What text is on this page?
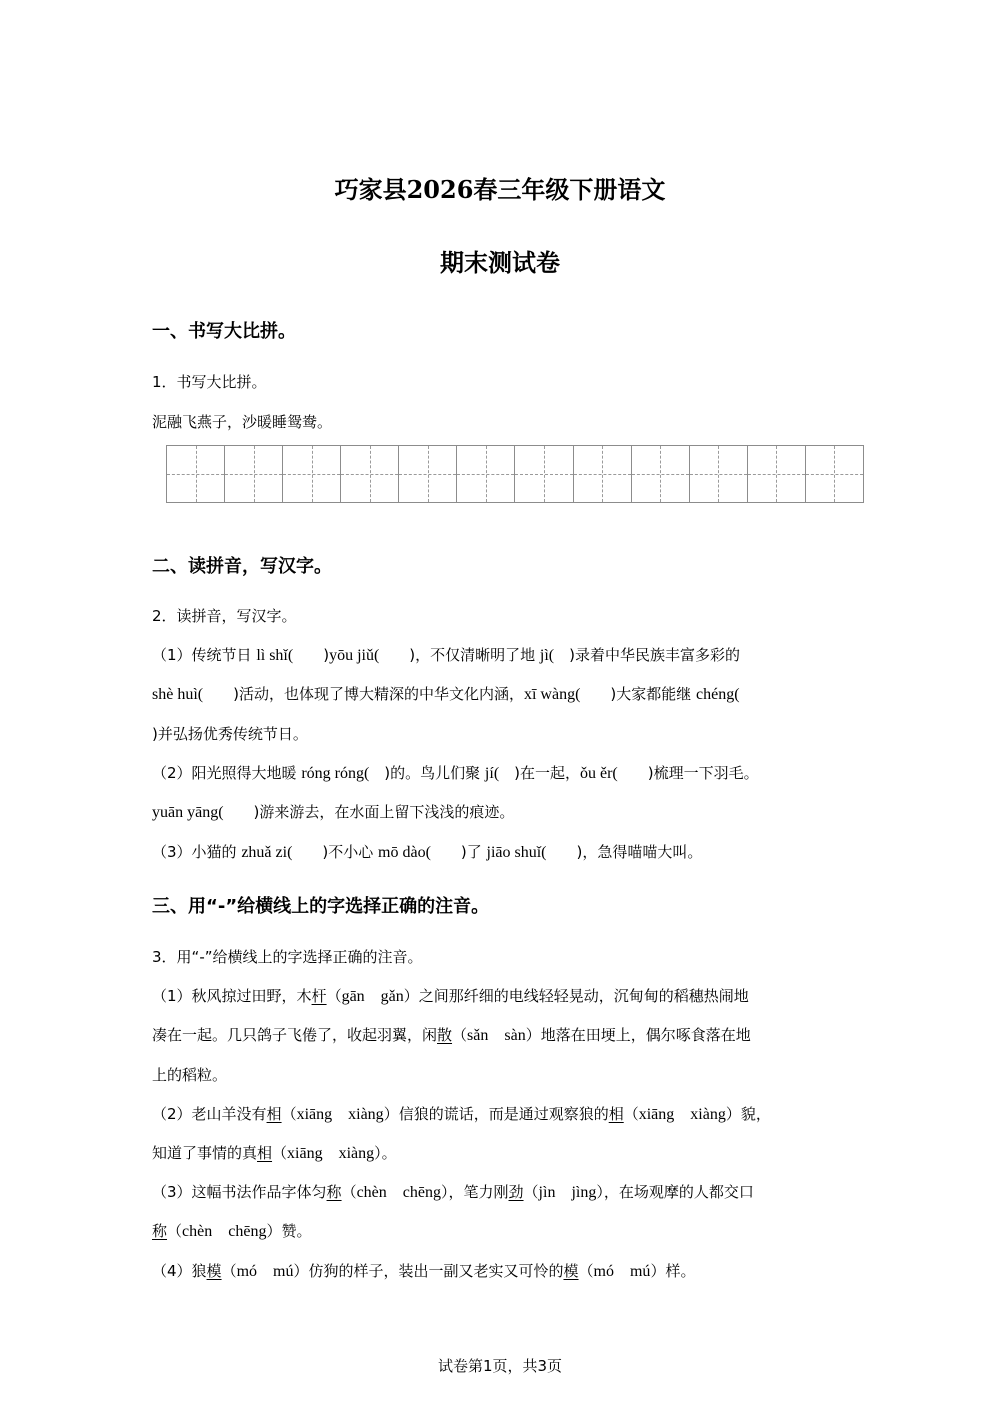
巧家县2026春三年级下册语文
期末测试卷
一、书写大比拼。
1．书写大比拼。
泥融飞燕子，沙暖睡鸳鸯。
二、读拼音，写汉字。
2．读拼音，写汉字。
（1）传统节日 lì shǐ(　　)yōu jiǔ(　　)，不仅清晰明了地 jì(　)录着中华民族丰富多彩的
shè huì(　　)活动，也体现了博大精深的中华文化内涵，xī wàng(　　)大家都能继 chéng(
)并弘扬优秀传统节日。
（2）阳光照得大地暖 róng róng(　)的。鸟儿们聚 jí(　)在一起，ǒu ěr(　　)梳理一下羽毛。
yuān yāng(　　)游来游去，在水面上留下浅浅的痕迹。
（3）小猫的 zhuǎ zi(　　)不小心 mō dào(　　)了 jiāo shuǐ(　　)，急得喵喵大叫。
三、用“-”给横线上的字选择正确的注音。
3．用“-”给横线上的字选择正确的注音。
（1）秋风掠过田野，木杆（gān　gǎn）之间那纤细的电线轻轻晃动，沉甸甸的稻穗热闹地
凑在一起。几只鸽子飞倦了，收起羽翼，闲散（sǎn　sàn）地落在田埂上，偶尔啄食落在地
上的稻粒。
（2）老山羊没有相（xiāng　xiàng）信狼的谎话，而是通过观察狼的相（xiāng　xiàng）貌，
知道了事情的真相（xiāng　xiàng）。
（3）这幅书法作品字体匀称（chèn　chēng），笔力刚劲（jìn　jìng），在场观摩的人都交口
称（chèn　chēng）赞。
（4）狼模（mó　mú）仿狗的样子，装出一副又老实又可怜的模（mó　mú）样。
试卷第1页，共3页
